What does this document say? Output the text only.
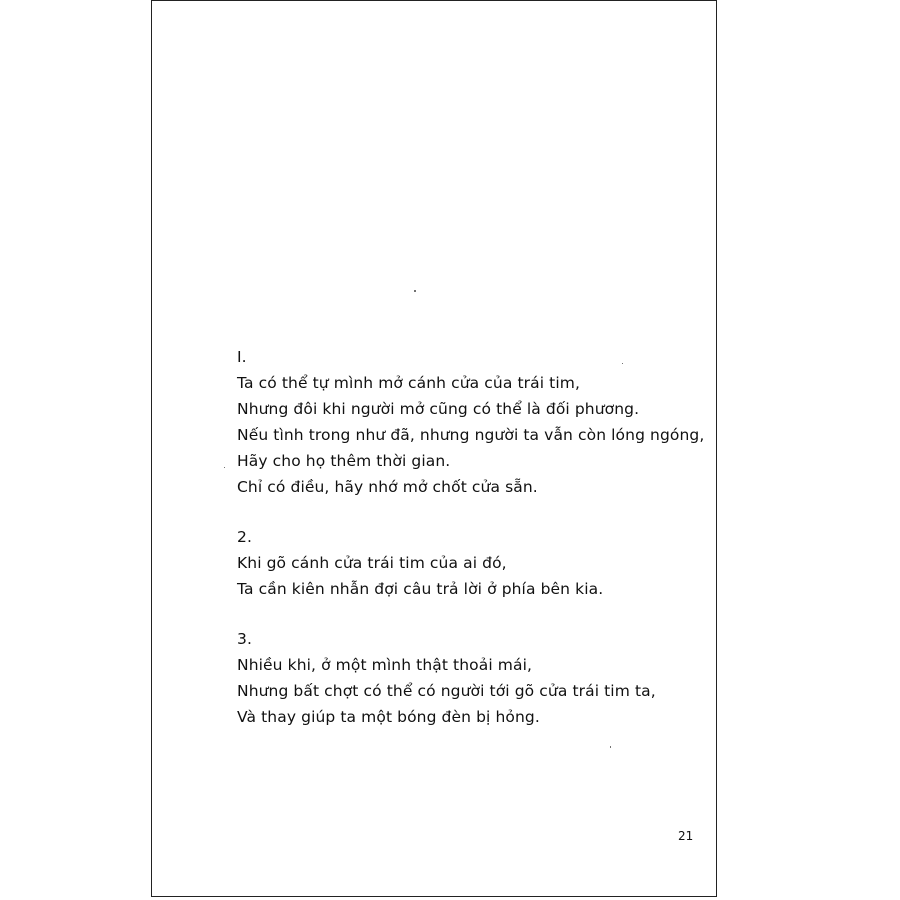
I.
Ta có thể tự mình mở cánh cửa của trái tim,
Nhưng đôi khi người mở cũng có thể là đối phương.
Nếu tình trong như đã, nhưng người ta vẫn còn lóng ngóng,
Hãy cho họ thêm thời gian.
Chỉ có điều, hãy nhớ mở chốt cửa sẵn.
2.
Khi gõ cánh cửa trái tim của ai đó,
Ta cần kiên nhẫn đợi câu trả lời ở phía bên kia.
3.
Nhiều khi, ở một mình thật thoải mái,
Nhưng bất chợt có thể có người tới gõ cửa trái tim ta,
Và thay giúp ta một bóng đèn bị hỏng.
21
